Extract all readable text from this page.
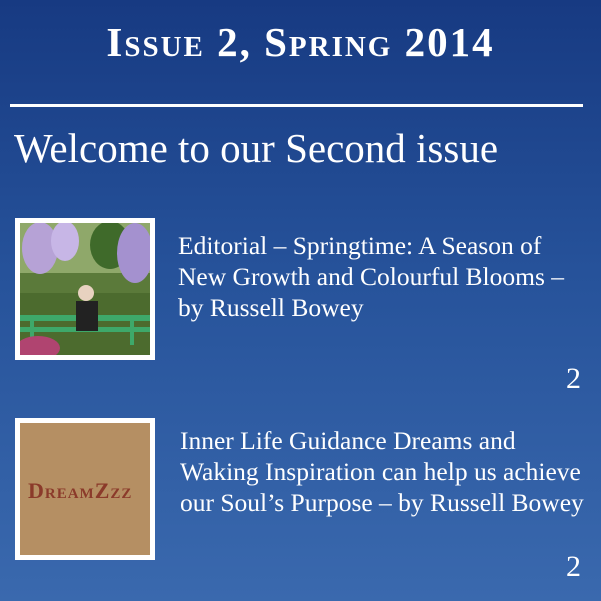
Issue 2, Spring 2014
Welcome to our Second issue
Editorial – Springtime: A Season of New Growth and Colourful Blooms – by Russell Bowey
2
DreamZzz
Inner Life Guidance Dreams and Waking Inspiration can help us achieve our Soul’s Purpose – by Russell Bowey
2
